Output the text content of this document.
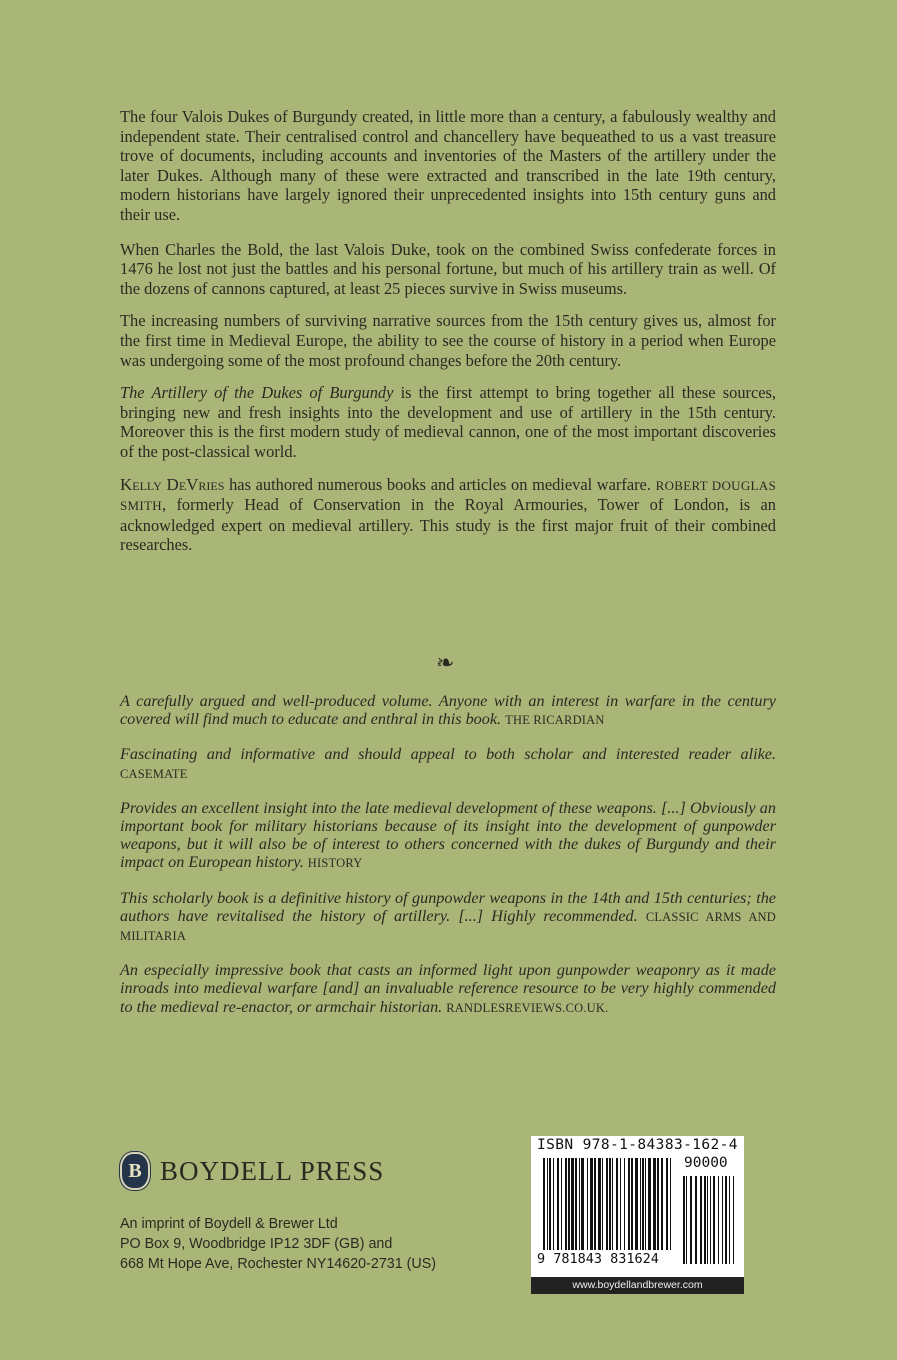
The four Valois Dukes of Burgundy created, in little more than a century, a fabulously wealthy and independent state. Their centralised control and chancellery have bequeathed to us a vast treasure trove of documents, including accounts and inventories of the Masters of the artillery under the later Dukes. Although many of these were extracted and transcribed in the late 19th century, modern historians have largely ignored their unprecedented insights into 15th century guns and their use.

When Charles the Bold, the last Valois Duke, took on the combined Swiss confederate forces in 1476 he lost not just the battles and his personal fortune, but much of his artillery train as well. Of the dozens of cannons captured, at least 25 pieces survive in Swiss museums.

The increasing numbers of surviving narrative sources from the 15th century gives us, almost for the first time in Medieval Europe, the ability to see the course of history in a period when Europe was undergoing some of the most profound changes before the 20th century.

The Artillery of the Dukes of Burgundy is the first attempt to bring together all these sources, bringing new and fresh insights into the development and use of artillery in the 15th century. Moreover this is the first modern study of medieval cannon, one of the most important discoveries of the post-classical world.

Kelly DeVries has authored numerous books and articles on medieval warfare. ROBERT DOUGLAS SMITH, formerly Head of Conservation in the Royal Armouries, Tower of London, is an acknowledged expert on medieval artillery. This study is the first major fruit of their combined researches.

❧

A carefully argued and well-produced volume. Anyone with an interest in warfare in the century covered will find much to educate and enthral in this book. THE RICARDIAN

Fascinating and informative and should appeal to both scholar and interested reader alike. CASEMATE

Provides an excellent insight into the late medieval development of these weapons. [...] Obviously an important book for military historians because of its insight into the development of gunpowder weapons, but it will also be of interest to others concerned with the dukes of Burgundy and their impact on European history. HISTORY

This scholarly book is a definitive history of gunpowder weapons in the 14th and 15th centuries; the authors have revitalised the history of artillery. [...] Highly recommended. CLASSIC ARMS AND MILITARIA

An especially impressive book that casts an informed light upon gunpowder weaponry as it made inroads into medieval warfare [and] an invaluable reference resource to be very highly commended to the medieval re-enactor, or armchair historian. RANDLESREVIEWS.CO.UK.

B BOYDELL PRESS
An imprint of Boydell & Brewer Ltd
PO Box 9, Woodbridge IP12 3DF (GB) and
668 Mt Hope Ave, Rochester NY14620-2731 (US)
ISBN 978-1-84383-162-4
90000
9 781843 831624
www.boydellandbrewer.com
